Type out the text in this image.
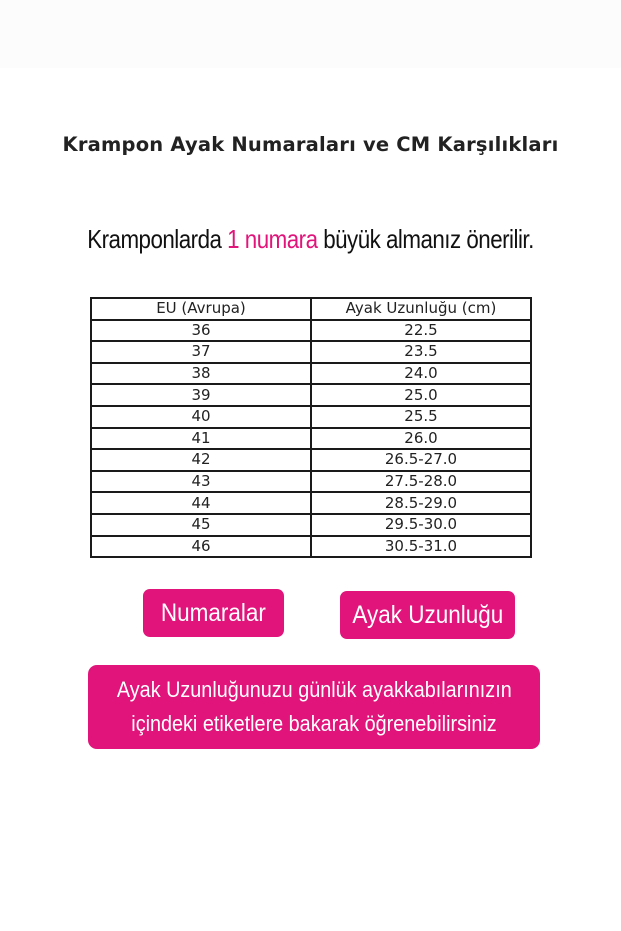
Krampon Ayak Numaraları ve CM Karşılıkları
Kramponlarda 1 numara büyük almanız önerilir.
EU (Avrupa)	Ayak Uzunluğu (cm)
36	22.5
37	23.5
38	24.0
39	25.0
40	25.5
41	26.0
42	26.5-27.0
43	27.5-28.0
44	28.5-29.0
45	29.5-30.0
46	30.5-31.0
Numaralar	Ayak Uzunluğu
Ayak Uzunluğunuzu günlük ayakkabılarınızın
içindeki etiketlere bakarak öğrenebilirsiniz
